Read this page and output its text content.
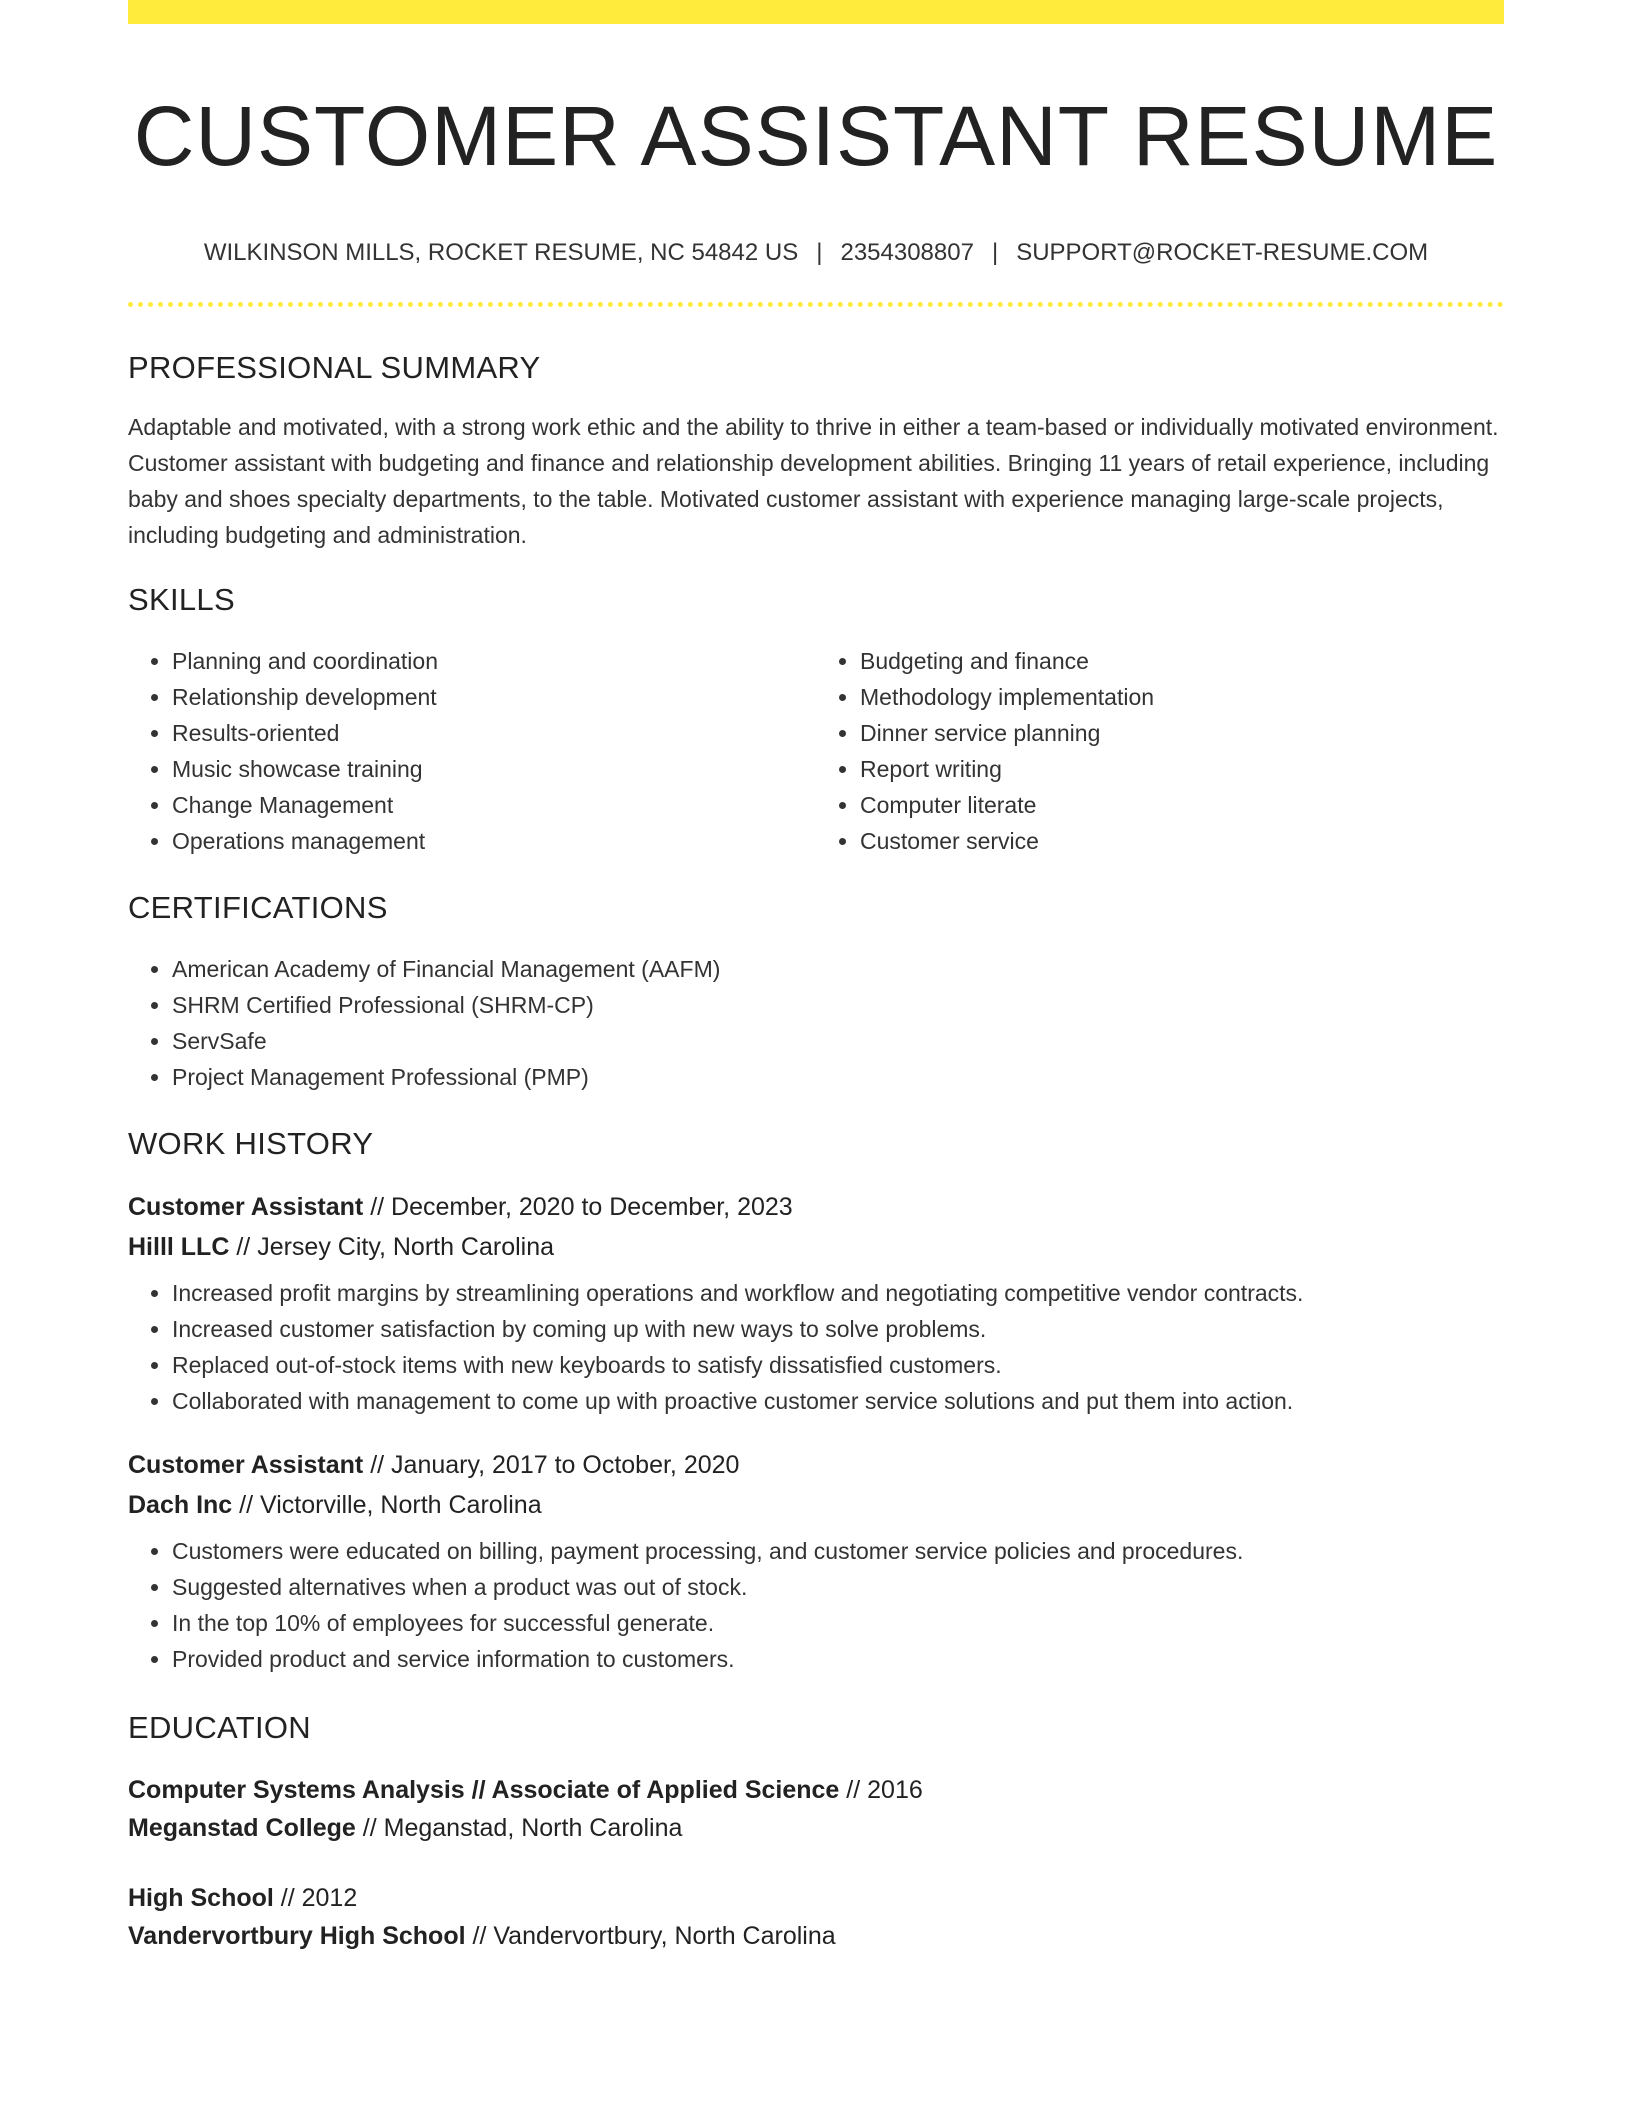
CUSTOMER ASSISTANT RESUME
WILKINSON MILLS, ROCKET RESUME, NC 54842 US | 2354308807 | SUPPORT@ROCKET-RESUME.COM
PROFESSIONAL SUMMARY
Adaptable and motivated, with a strong work ethic and the ability to thrive in either a team-based or individually motivated environment. Customer assistant with budgeting and finance and relationship development abilities. Bringing 11 years of retail experience, including baby and shoes specialty departments, to the table. Motivated customer assistant with experience managing large-scale projects, including budgeting and administration.
SKILLS
• Planning and coordination
• Relationship development
• Results-oriented
• Music showcase training
• Change Management
• Operations management
• Budgeting and finance
• Methodology implementation
• Dinner service planning
• Report writing
• Computer literate
• Customer service
CERTIFICATIONS
• American Academy of Financial Management (AAFM)
• SHRM Certified Professional (SHRM-CP)
• ServSafe
• Project Management Professional (PMP)
WORK HISTORY
Customer Assistant // December, 2020 to December, 2023
Hilll LLC // Jersey City, North Carolina
• Increased profit margins by streamlining operations and workflow and negotiating competitive vendor contracts.
• Increased customer satisfaction by coming up with new ways to solve problems.
• Replaced out-of-stock items with new keyboards to satisfy dissatisfied customers.
• Collaborated with management to come up with proactive customer service solutions and put them into action.
Customer Assistant // January, 2017 to October, 2020
Dach Inc // Victorville, North Carolina
• Customers were educated on billing, payment processing, and customer service policies and procedures.
• Suggested alternatives when a product was out of stock.
• In the top 10% of employees for successful generate.
• Provided product and service information to customers.
EDUCATION
Computer Systems Analysis // Associate of Applied Science // 2016
Meganstad College // Meganstad, North Carolina
High School // 2012
Vandervortbury High School // Vandervortbury, North Carolina
